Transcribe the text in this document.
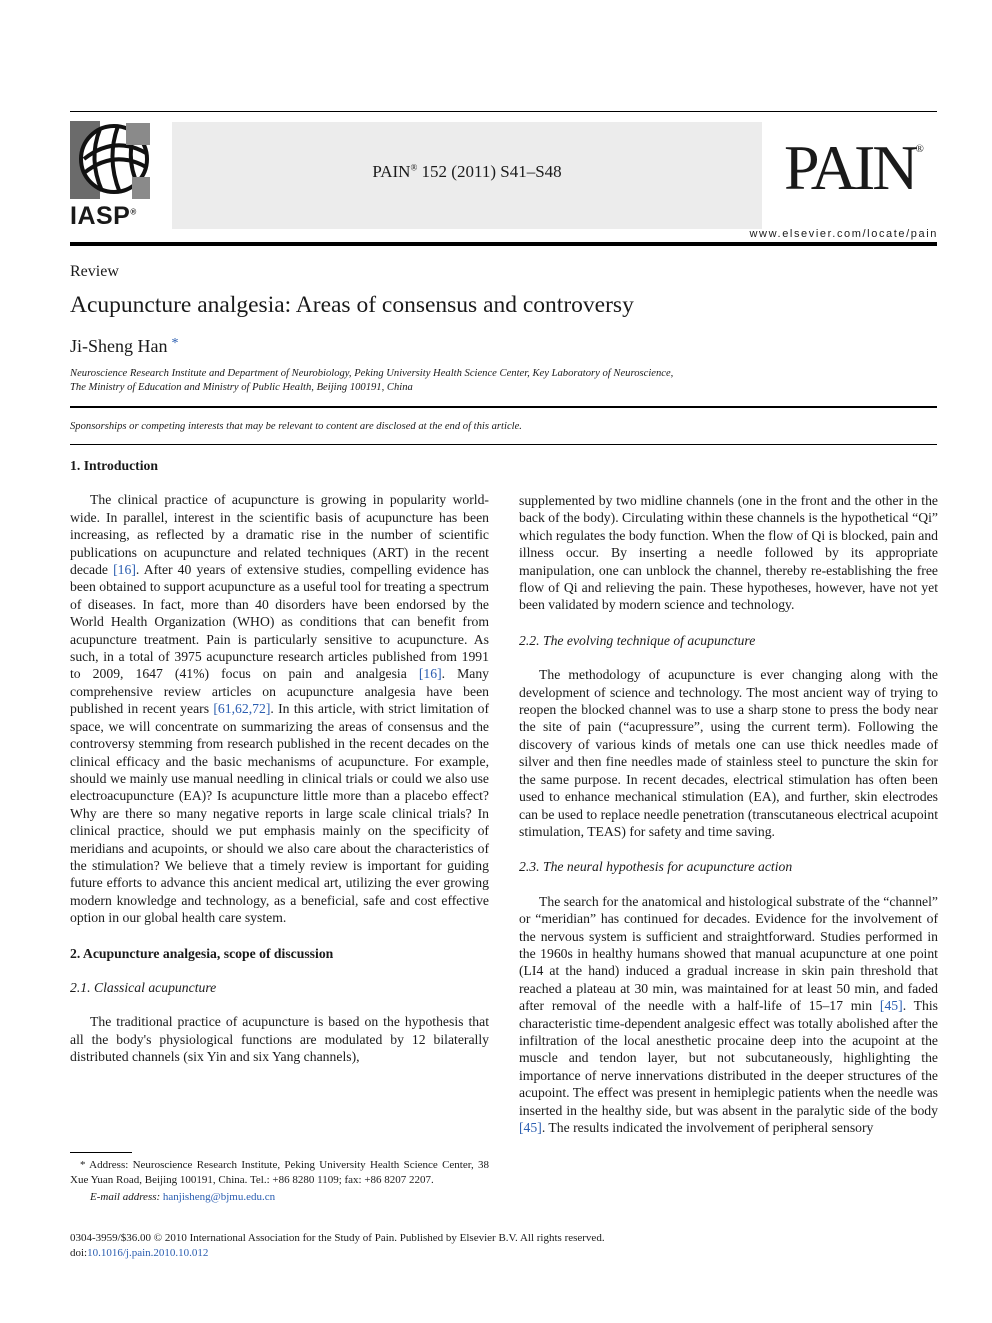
IASP®
PAIN® 152 (2011) S41–S48	PAIN®
www.elsevier.com/locate/pain
Review
Acupuncture analgesia: Areas of consensus and controversy
Ji-Sheng Han *
Neuroscience Research Institute and Department of Neurobiology, Peking University Health Science Center, Key Laboratory of Neuroscience,
The Ministry of Education and Ministry of Public Health, Beijing 100191, China
Sponsorships or competing interests that may be relevant to content are disclosed at the end of this article.
1. Introduction

The clinical practice of acupuncture is growing in popularity world-wide. In parallel, interest in the scientific basis of acupuncture has been increasing, as reflected by a dramatic rise in the number of scientific publications on acupuncture and related techniques (ART) in the recent decade [16]. After 40 years of extensive studies, compelling evidence has been obtained to support acupuncture as a useful tool for treating a spectrum of diseases. In fact, more than 40 disorders have been endorsed by the World Health Organization (WHO) as conditions that can benefit from acupuncture treatment. Pain is particularly sensitive to acupuncture. As such, in a total of 3975 acupuncture research articles published from 1991 to 2009, 1647 (41%) focus on pain and analgesia [16]. Many comprehensive review articles on acupuncture analgesia have been published in recent years [61,62,72]. In this article, with strict limitation of space, we will concentrate on summarizing the areas of consensus and the controversy stemming from research published in the recent decades on the clinical efficacy and the basic mechanisms of acupuncture. For example, should we mainly use manual needling in clinical trials or could we also use electroacupuncture (EA)? Is acupuncture little more than a placebo effect? Why are there so many negative reports in large scale clinical trials? In clinical practice, should we put emphasis mainly on the specificity of meridians and acupoints, or should we also care about the characteristics of the stimulation? We believe that a timely review is important for guiding future efforts to advance this ancient medical art, utilizing the ever growing modern knowledge and technology, as a beneficial, safe and cost effective option in our global health care system.

2. Acupuncture analgesia, scope of discussion
2.1. Classical acupuncture

The traditional practice of acupuncture is based on the hypothesis that all the body's physiological functions are modulated by 12 bilaterally distributed channels (six Yin and six Yang channels),

* Address: Neuroscience Research Institute, Peking University Health Science Center, 38 Xue Yuan Road, Beijing 100191, China. Tel.: +86 8280 1109; fax: +86 8207 2207.
E-mail address: hanjisheng@bjmu.edu.cn

supplemented by two midline channels (one in the front and the other in the back of the body). Circulating within these channels is the hypothetical “Qi” which regulates the body function. When the flow of Qi is blocked, pain and illness occur. By inserting a needle followed by its appropriate manipulation, one can unblock the channel, thereby re-establishing the free flow of Qi and relieving the pain. These hypotheses, however, have not yet been validated by modern science and technology.

2.2. The evolving technique of acupuncture

The methodology of acupuncture is ever changing along with the development of science and technology. The most ancient way of trying to reopen the blocked channel was to use a sharp stone to press the body near the site of pain (“acupressure”, using the current term). Following the discovery of various kinds of metals one can use thick needles made of silver and then fine needles made of stainless steel to puncture the skin for the same purpose. In recent decades, electrical stimulation has often been used to enhance mechanical stimulation (EA), and further, skin electrodes can be used to replace needle penetration (transcutaneous electrical acupoint stimulation, TEAS) for safety and time saving.

2.3. The neural hypothesis for acupuncture action

The search for the anatomical and histological substrate of the “channel” or “meridian” has continued for decades. Evidence for the involvement of the nervous system is sufficient and straightforward. Studies performed in the 1960s in healthy humans showed that manual acupuncture at one point (LI4 at the hand) induced a gradual increase in skin pain threshold that reached a plateau at 30 min, was maintained for at least 50 min, and faded after removal of the needle with a half-life of 15–17 min [45]. This characteristic time-dependent analgesic effect was totally abolished after the infiltration of the local anesthetic procaine deep into the acupoint at the muscle and tendon layer, but not subcutaneously, highlighting the importance of nerve innervations distributed in the deeper structures of the acupoint. The effect was present in hemiplegic patients when the needle was inserted in the healthy side, but was absent in the paralytic side of the body [45]. The results indicated the involvement of peripheral sensory

0304-3959/$36.00 © 2010 International Association for the Study of Pain. Published by Elsevier B.V. All rights reserved.
doi:10.1016/j.pain.2010.10.012
